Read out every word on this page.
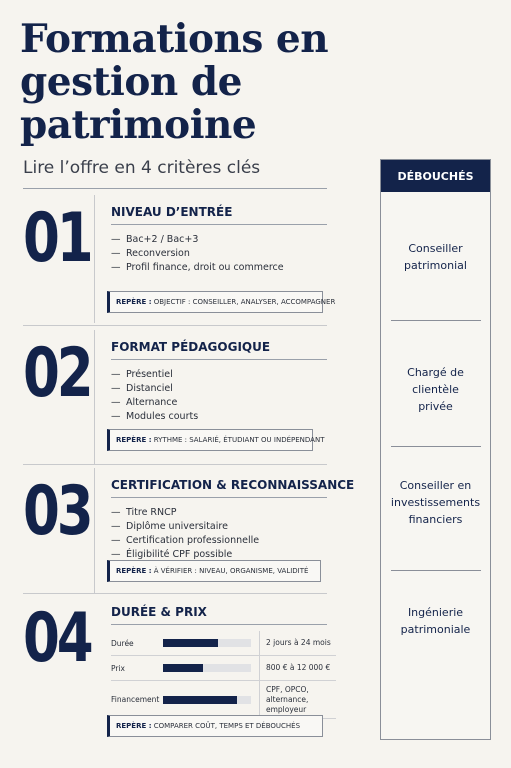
Formations en gestion de patrimoine
Lire l’offre en 4 critères clés
01 NIVEAU D’ENTRÉE
— Bac+2 / Bac+3
— Reconversion
— Profil finance, droit ou commerce
REPÈRE :
OBJECTIF : CONSEILLER, ANALYSER, ACCOMPAGNER
02 FORMAT PÉDAGOGIQUE
— Présentiel
— Distanciel
— Alternance
— Modules courts
REPÈRE :
RYTHME : SALARIÉ, ÉTUDIANT OU INDÉPENDANT
03 CERTIFICATION & RECONNAISSANCE
— Titre RNCP
— Diplôme universitaire
— Certification professionnelle
— Éligibilité CPF possible
REPÈRE :
À VÉRIFIER : NIVEAU, ORGANISME, VALIDITÉ
04 DURÉE & PRIX
Durée	2 jours à 24 mois
Prix	800 € à 12 000 €
Financement
CPF, OPCO, alternance, employeur
REPÈRE :
COMPARER COÛT, TEMPS ET DÉBOUCHÉS
DÉBOUCHÉS
Conseiller patrimonial
Chargé de clientèle privée
Conseiller en investissements financiers
Ingénierie patrimoniale
